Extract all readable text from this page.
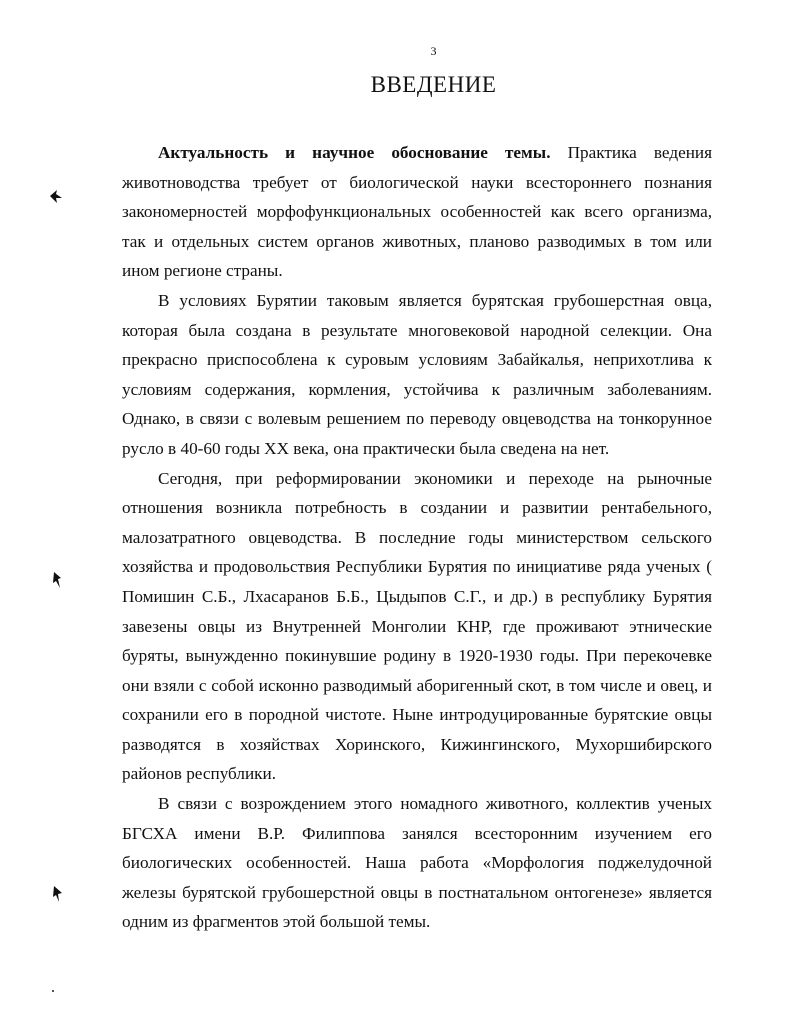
3
ВВЕДЕНИЕ

Актуальность и научное обоснование темы. Практика ведения животноводства требует от биологической науки всестороннего познания закономерностей морфофункциональных особенностей как всего организма, так и отдельных систем органов животных, планово разводимых в том или ином регионе страны.

В условиях Бурятии таковым является бурятская грубошерстная овца, которая была создана в результате многовековой народной селекции. Она прекрасно приспособлена к суровым условиям Забайкалья, неприхотлива к условиям содержания, кормления, устойчива к различным заболеваниям. Однако, в связи с волевым решением по переводу овцеводства на тонкорунное русло в 40-60 годы XX века, она практически была сведена на нет.

Сегодня, при реформировании экономики и переходе на рыночные отношения возникла потребность в создании и развитии рентабельного, малозатратного овцеводства. В последние годы министерством сельского хозяйства и продовольствия Республики Бурятия по инициативе ряда ученых ( Помишин С.Б., Лхасаранов Б.Б., Цыдыпов С.Г., и др.) в республику Бурятия завезены овцы из Внутренней Монголии КНР, где проживают этнические буряты, вынужденно покинувшие родину в 1920-1930 годы. При перекочевке они взяли с собой исконно разводимый аборигенный скот, в том числе и овец, и сохранили его в породной чистоте. Ныне интродуцированные бурятские овцы разводятся в хозяйствах Хоринского, Кижингинского, Мухоршибирского районов республики.

В связи с возрождением этого номадного животного, коллектив ученых БГСХА имени В.Р. Филиппова занялся всесторонним изучением его биологических особенностей. Наша работа «Морфология поджелудочной железы бурятской грубошерстной овцы в постнатальном онтогенезе» является одним из фрагментов этой большой темы.
